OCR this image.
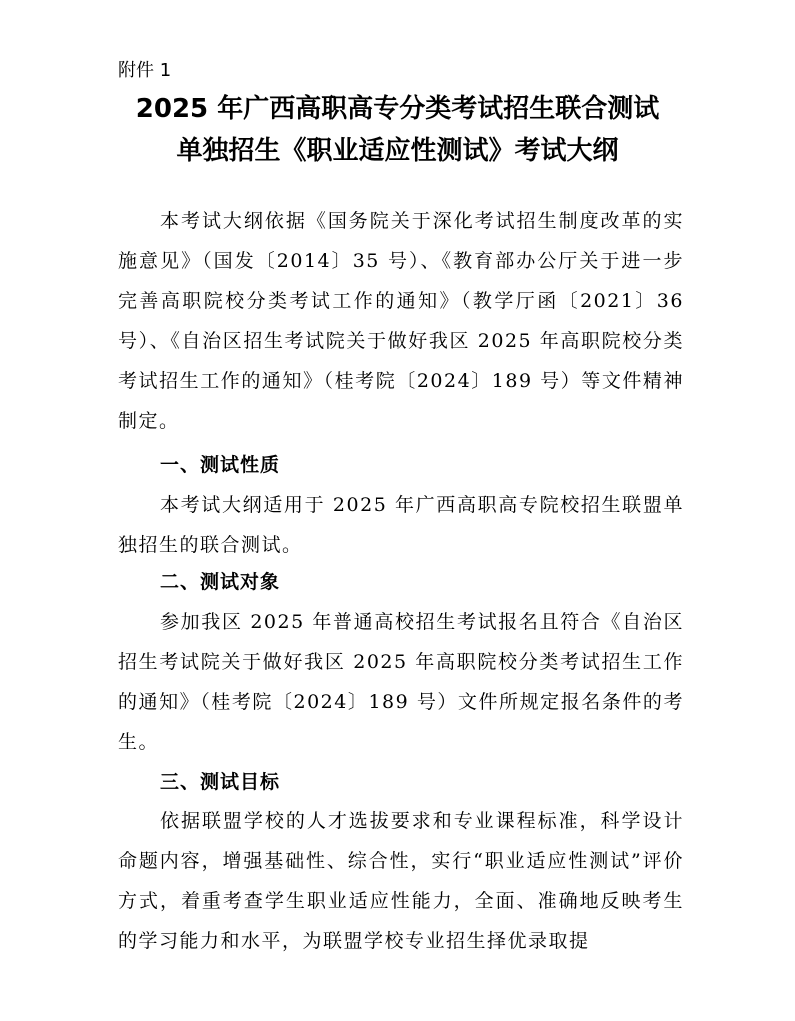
附件 1
2025 年广西高职高专分类考试招生联合测试
单独招生《职业适应性测试》考试大纲
本考试大纲依据《国务院关于深化考试招生制度改革的实施意见》（国发〔2014〕35 号）、《教育部办公厅关于进一步完善高职院校分类考试工作的通知》（教学厅函〔2021〕36 号）、《自治区招生考试院关于做好我区 2025 年高职院校分类考试招生工作的通知》（桂考院〔2024〕189 号）等文件精神制定。
一、测试性质
本考试大纲适用于 2025 年广西高职高专院校招生联盟单独招生的联合测试。
二、测试对象
参加我区 2025 年普通高校招生考试报名且符合《自治区招生考试院关于做好我区 2025 年高职院校分类考试招生工作的通知》（桂考院〔2024〕189 号）文件所规定报名条件的考生。
三、测试目标
依据联盟学校的人才选拔要求和专业课程标准，科学设计命题内容，增强基础性、综合性，实行“职业适应性测试”评价方式，着重考查学生职业适应性能力，全面、准确地反映考生的学习能力和水平，为联盟学校专业招生择优录取提
